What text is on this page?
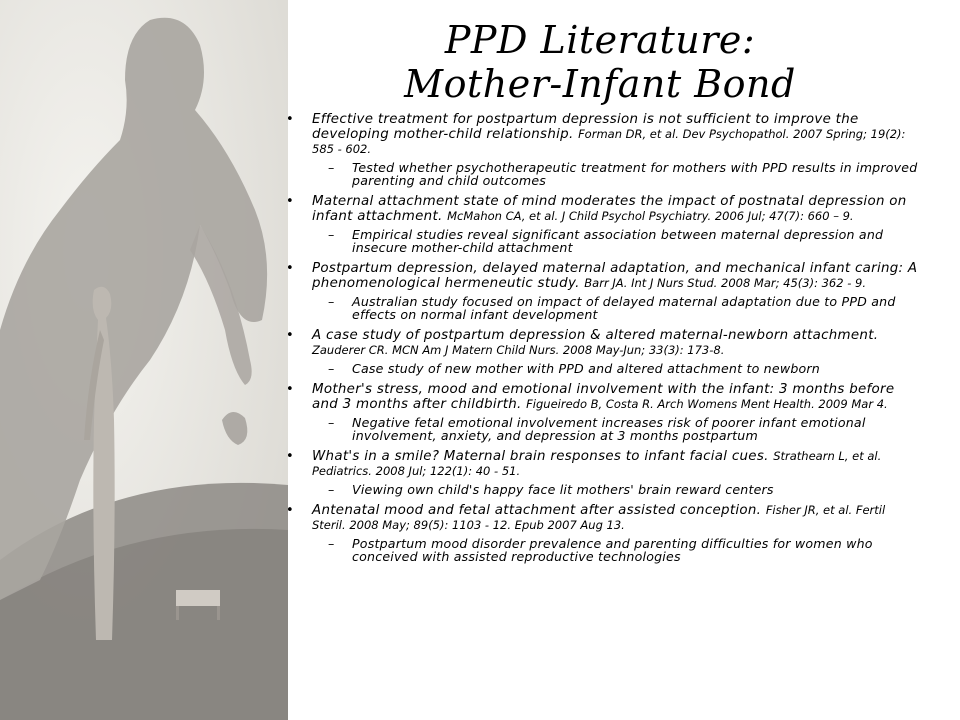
PPD Literature:
Mother-Infant Bond
• Effective treatment for postpartum depression is not sufficient to improve the developing mother-child relationship. Forman DR, et al. Dev Psychopathol. 2007 Spring; 19(2): 585 - 602.
– Tested whether psychotherapeutic treatment for mothers with PPD results in improved parenting and child outcomes
• Maternal attachment state of mind moderates the impact of postnatal depression on infant attachment. McMahon CA, et al. J Child Psychol Psychiatry. 2006 Jul; 47(7): 660 – 9.
– Empirical studies reveal significant association between maternal depression and insecure mother-child attachment
• Postpartum depression, delayed maternal adaptation, and mechanical infant caring: A phenomenological hermeneutic study. Barr JA. Int J Nurs Stud. 2008 Mar; 45(3): 362 - 9.
– Australian study focused on impact of delayed maternal adaptation due to PPD and effects on normal infant development
• A case study of postpartum depression & altered maternal-newborn attachment. Zauderer CR. MCN Am J Matern Child Nurs. 2008 May-Jun; 33(3): 173-8.
– Case study of new mother with PPD and altered attachment to newborn
• Mother's stress, mood and emotional involvement with the infant: 3 months before and 3 months after childbirth. Figueiredo B, Costa R. Arch Womens Ment Health. 2009 Mar 4.
– Negative fetal emotional involvement increases risk of poorer infant emotional involvement, anxiety, and depression at 3 months postpartum
• What's in a smile? Maternal brain responses to infant facial cues. Strathearn L, et al. Pediatrics. 2008 Jul; 122(1): 40 - 51.
– Viewing own child's happy face lit mothers' brain reward centers
• Antenatal mood and fetal attachment after assisted conception. Fisher JR, et al. Fertil Steril. 2008 May; 89(5): 1103 - 12. Epub 2007 Aug 13.
– Postpartum mood disorder prevalence and parenting difficulties for women who conceived with assisted reproductive technologies
